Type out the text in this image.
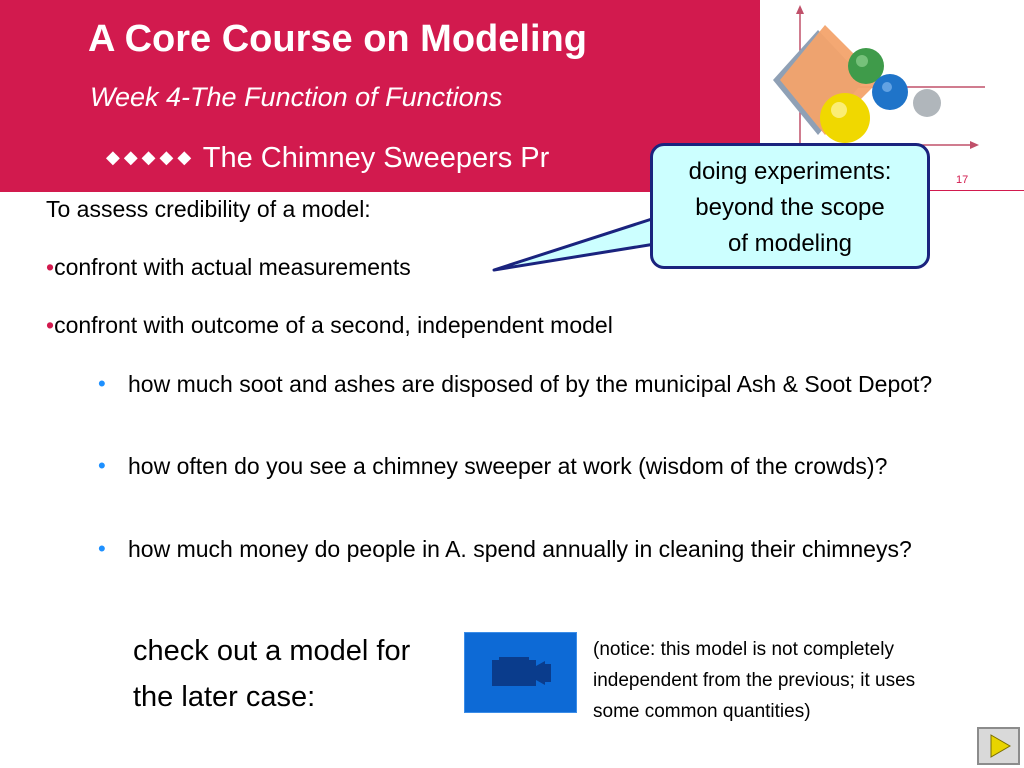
A Core Course on Modeling
Week 4-The Function of Functions
◆◆◆◆◆ The Chimney Sweepers Pr
17
doing experiments:
beyond the scope
of modeling
To assess credibility of a model:
•confront with actual measurements
•confront with outcome of a second, independent model
• how much soot and ashes are disposed of by the municipal Ash & Soot Depot?
• how often do you see a chimney sweeper at work (wisdom of the crowds)?
• how much money do people in A. spend annually in cleaning their chimneys?
check out a model for
the later case:
(notice: this model is not completely
independent from the previous; it uses
some common quantities)
